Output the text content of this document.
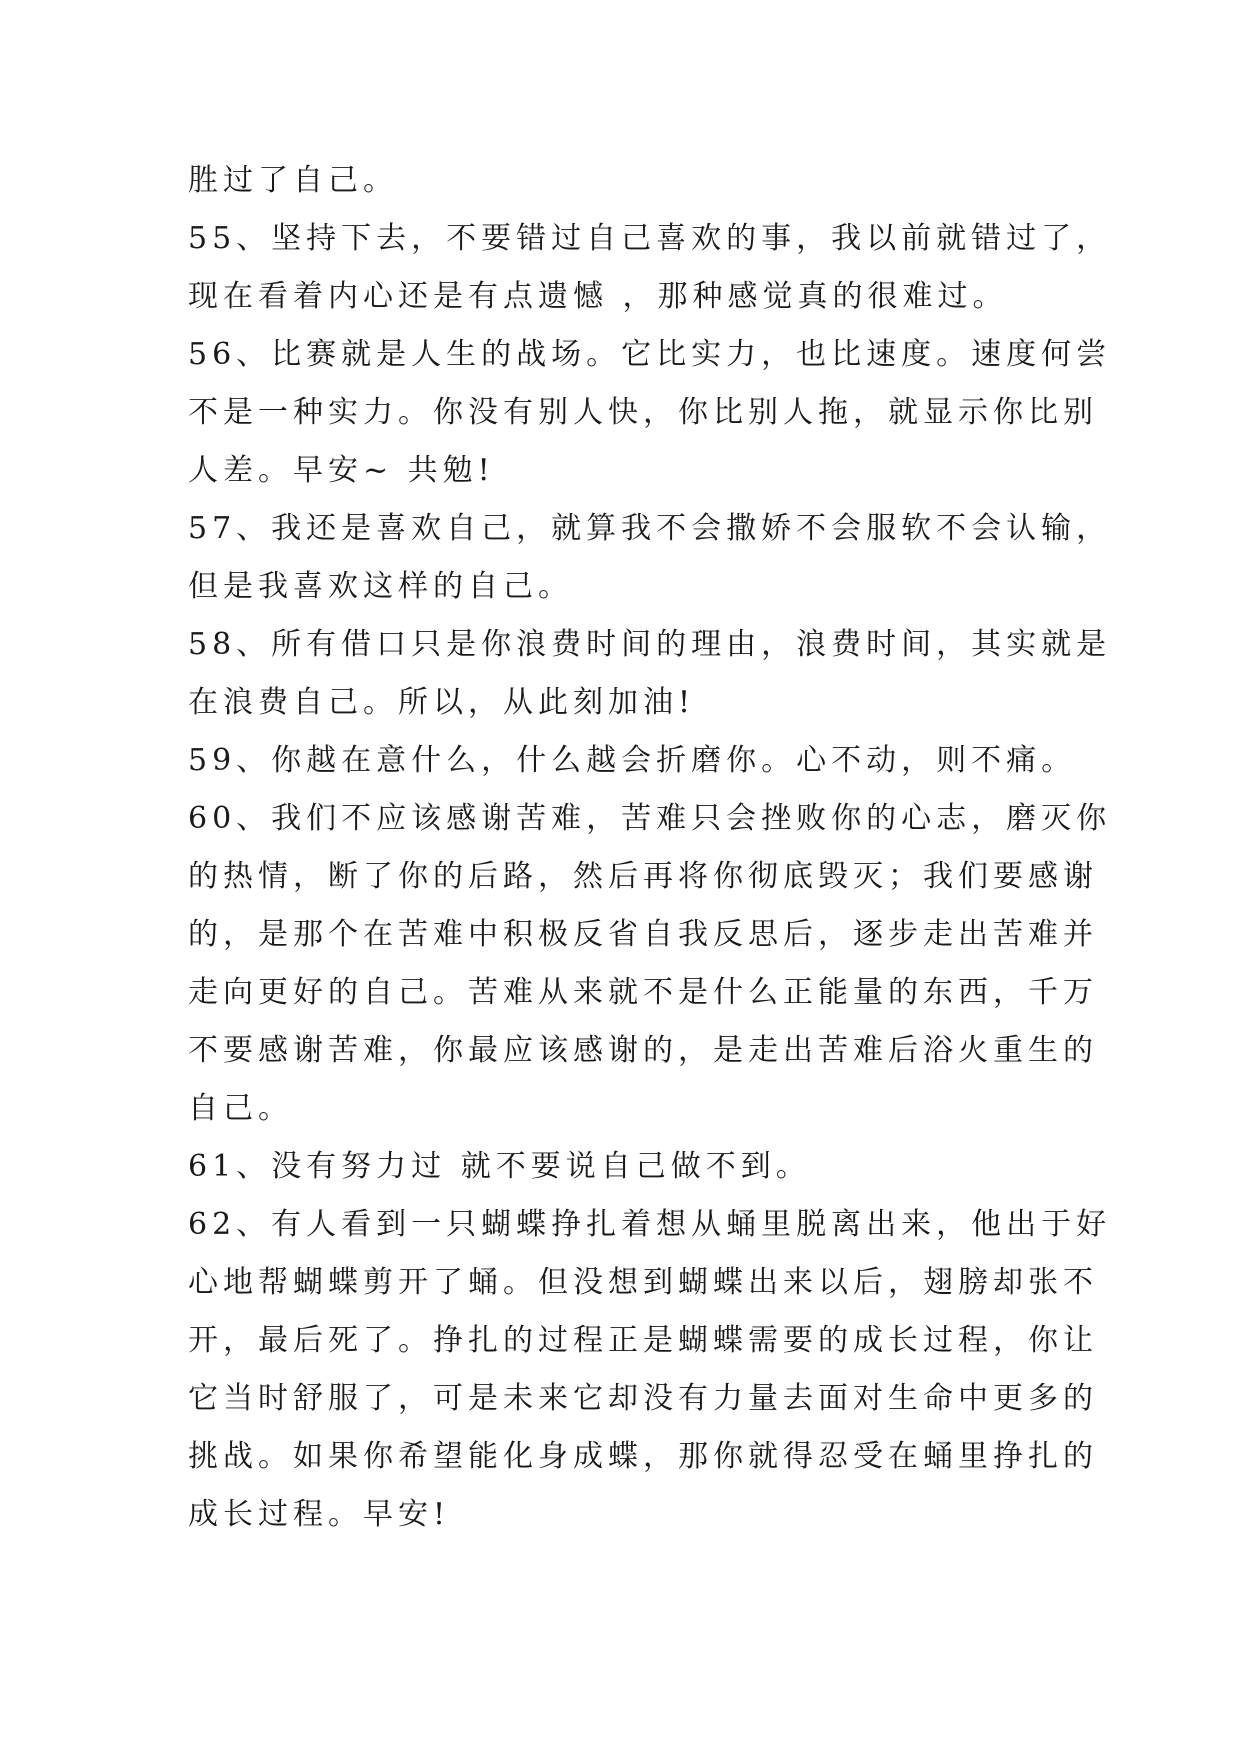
胜过了自己。

55、坚持下去，不要错过自己喜欢的事，我以前就错过了，
现在看着内心还是有点遗憾 ，那种感觉真的很难过。

56、比赛就是人生的战场。它比实力，也比速度。速度何尝
不是一种实力。你没有别人快，你比别人拖，就显示你比别
人差。早安~ 共勉!

57、我还是喜欢自己，就算我不会撒娇不会服软不会认输，
但是我喜欢这样的自己。

58、所有借口只是你浪费时间的理由，浪费时间，其实就是
在浪费自己。所以，从此刻加油!

59、你越在意什么，什么越会折磨你。心不动，则不痛。

60、我们不应该感谢苦难，苦难只会挫败你的心志，磨灭你
的热情，断了你的后路，然后再将你彻底毁灭；我们要感谢
的，是那个在苦难中积极反省自我反思后，逐步走出苦难并
走向更好的自己。苦难从来就不是什么正能量的东西，千万
不要感谢苦难，你最应该感谢的，是走出苦难后浴火重生的
自己。

61、没有努力过 就不要说自己做不到。

62、有人看到一只蝴蝶挣扎着想从蛹里脱离出来，他出于好
心地帮蝴蝶剪开了蛹。但没想到蝴蝶出来以后，翅膀却张不
开，最后死了。挣扎的过程正是蝴蝶需要的成长过程，你让
它当时舒服了，可是未来它却没有力量去面对生命中更多的
挑战。如果你希望能化身成蝶，那你就得忍受在蛹里挣扎的
成长过程。早安!
